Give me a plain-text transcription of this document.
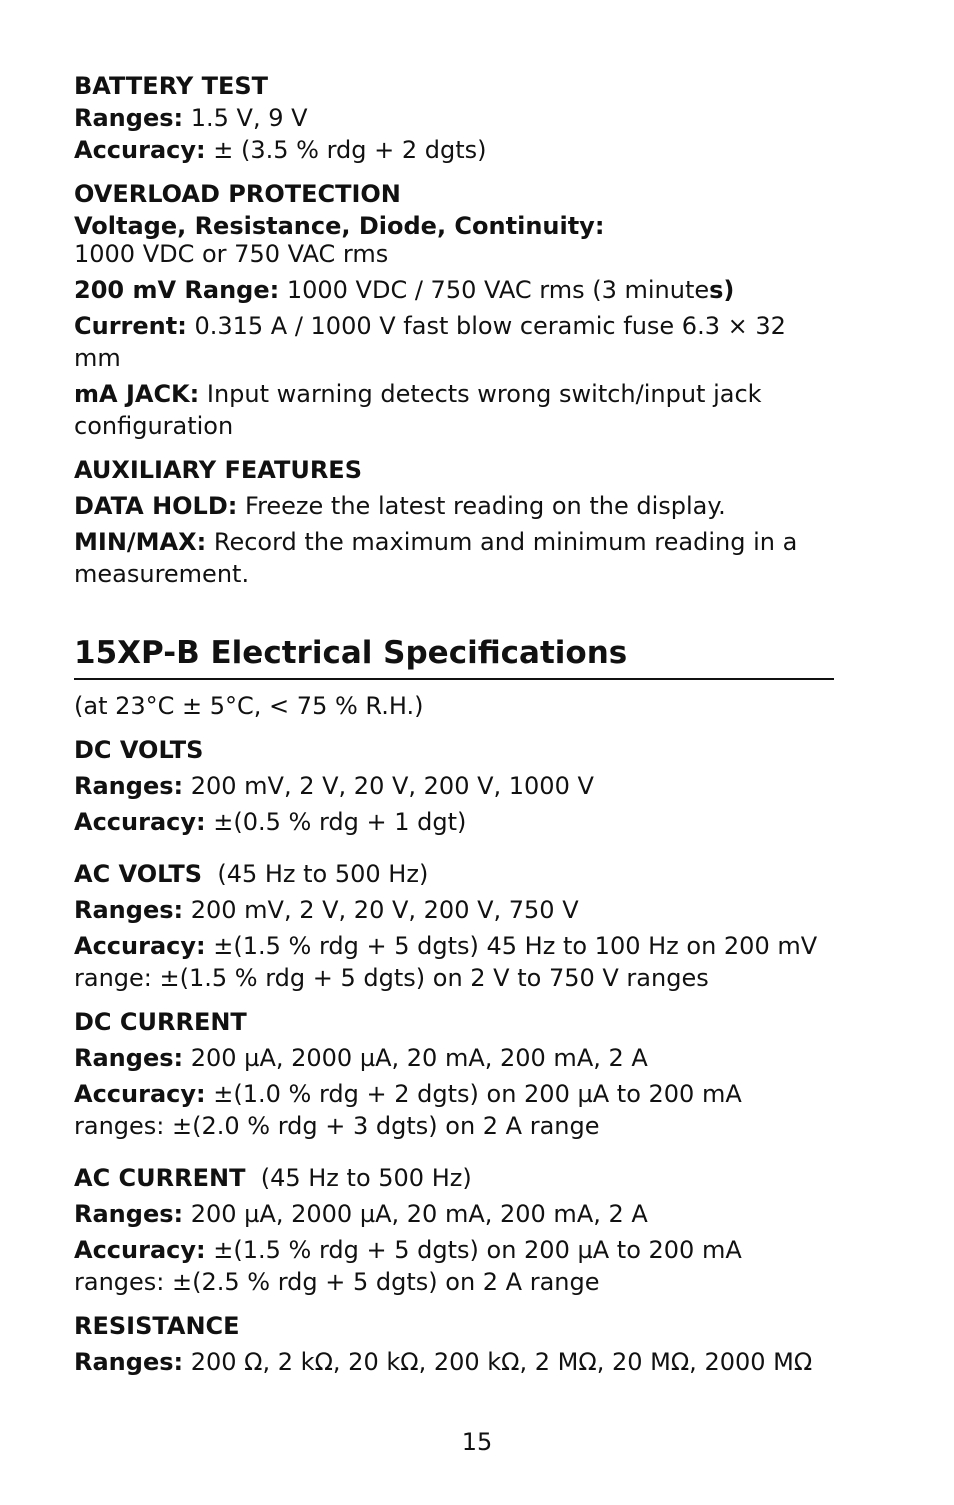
BATTERY TEST
Ranges: 1.5 V, 9 V
Accuracy: ± (3.5 % rdg + 2 dgts)
OVERLOAD PROTECTION
Voltage, Resistance, Diode, Continuity:
1000 VDC or 750 VAC rms
200 mV Range: 1000 VDC / 750 VAC rms (3 minutes)
Current: 0.315 A / 1000 V fast blow ceramic fuse 6.3 × 32 mm
mA JACK: Input warning detects wrong switch/input jack configuration
AUXILIARY FEATURES
DATA HOLD: Freeze the latest reading on the display.
MIN/MAX: Record the maximum and minimum reading in a measurement.
15XP-B Electrical Specifications
(at 23°C ± 5°C, < 75 % R.H.)
DC VOLTS
Ranges: 200 mV, 2 V, 20 V, 200 V, 1000 V
Accuracy: ±(0.5 % rdg + 1 dgt)
AC VOLTS  (45 Hz to 500 Hz)
Ranges: 200 mV, 2 V, 20 V, 200 V, 750 V
Accuracy: ±(1.5 % rdg + 5 dgts) 45 Hz to 100 Hz on 200 mV range: ±(1.5 % rdg + 5 dgts) on 2 V to 750 V ranges
DC CURRENT
Ranges: 200 µA, 2000 µA, 20 mA, 200 mA, 2 A
Accuracy: ±(1.0 % rdg + 2 dgts) on 200 µA to 200 mA ranges: ±(2.0 % rdg + 3 dgts) on 2 A range
AC CURRENT  (45 Hz to 500 Hz)
Ranges: 200 µA, 2000 µA, 20 mA, 200 mA, 2 A
Accuracy: ±(1.5 % rdg + 5 dgts) on 200 µA to 200 mA ranges: ±(2.5 % rdg + 5 dgts) on 2 A range
RESISTANCE
Ranges: 200 Ω, 2 kΩ, 20 kΩ, 200 kΩ, 2 MΩ, 20 MΩ, 2000 MΩ
15
